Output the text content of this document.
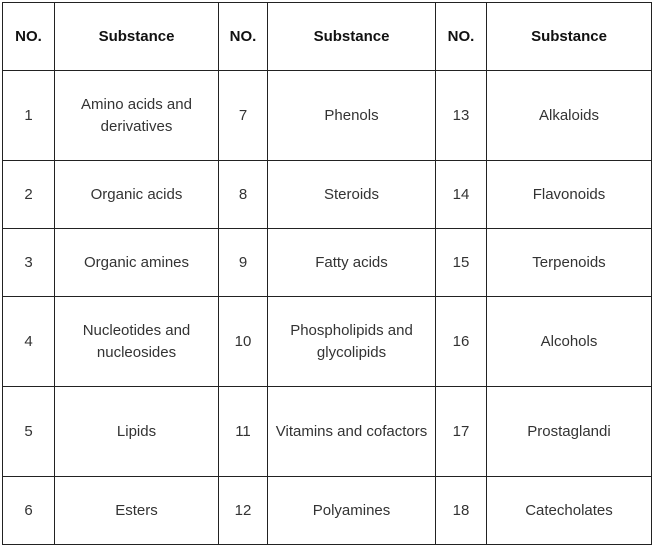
NO.	Substance	NO.	Substance	NO.	Substance
1	Amino acids and derivatives	7	Phenols	13	Alkaloids
2	Organic acids	8	Steroids	14	Flavonoids
3	Organic amines	9	Fatty acids	15	Terpenoids
4	Nucleotides and nucleosides	10	Phospholipids and glycolipids	16	Alcohols
5	Lipids	11	Vitamins and cofactors	17	Prostaglandi
6	Esters	12	Polyamines	18	Catecholates
